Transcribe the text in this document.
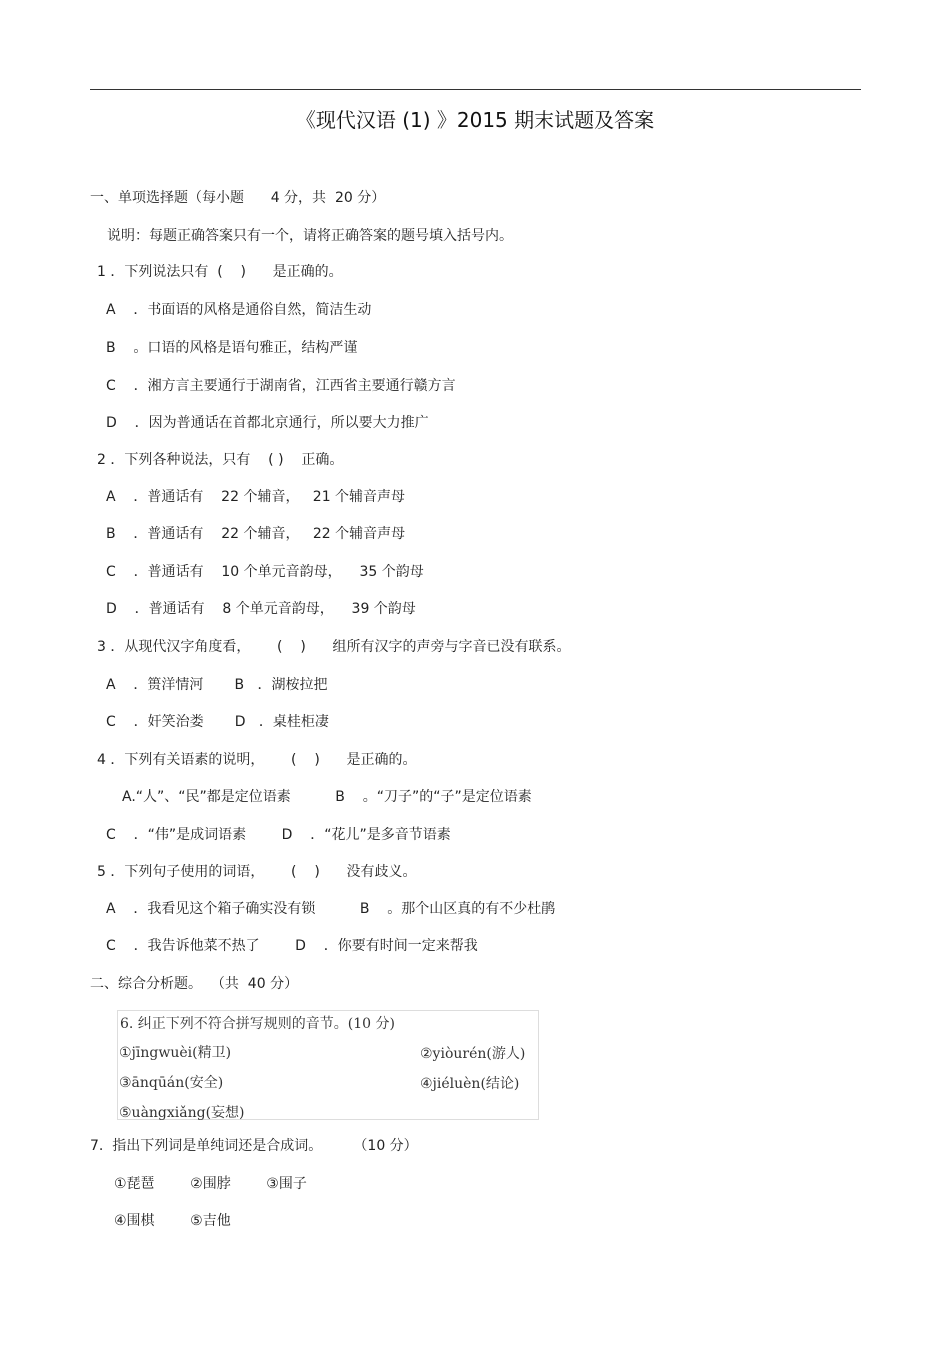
《现代汉语 (1) 》2015 期末试题及答案
一、单项选择题（每小题      4 分，共  20 分）
说明：每题正确答案只有一个，请将正确答案的题号填入括号内。
1 ．下列说法只有  (    )      是正确的。
A    ．书面语的风格是通俗自然，简洁生动
B    。口语的风格是语句雅正，结构严谨
C    ．湘方言主要通行于湖南省，江西省主要通行赣方言
D    ．因为普通话在首都北京通行，所以要大力推广
2 ．下列各种说法，只有    ( )    正确。
A    ．普通话有    22 个辅音，   21 个辅音声母
B    ．普通话有    22 个辅音，   22 个辅音声母
C    ．普通话有    10 个单元音韵母，    35 个韵母
D    ．普通话有    8 个单元音韵母，    39 个韵母
3 ．从现代汉字角度看，      (    )      组所有汉字的声旁与字音已没有联系。
A    ．篑洋情河       B   ．湖桉拉把
C    ．奸笑治娄       D   ．桌桂柜凄
4 ．下列有关语素的说明，      (    )      是正确的。
A.“人”、“民”都是定位语素          B    。“刀子”的“子”是定位语素
C    ．“伟”是成词语素        D    ．“花儿”是多音节语素
5 ．下列句子使用的词语，      (    )      没有歧义。
A    ．我看见这个箱子确实没有锁          B    。那个山区真的有不少杜鹃
C    ．我告诉他菜不热了        D    ．你要有时间一定来帮我
二、综合分析题。  （共  40 分）
6. 纠正下列不符合拼写规则的音节。(10 分)
①jīngwuèi(精卫)	②yiòurén(游人)
③ānqūán(安全)	④jiéluèn(结论)
⑤uàngxiǎng(妄想)
7.  指出下列词是单纯词还是合成词。       （10 分）
①琵琶        ②围脖        ③围子
④围棋        ⑤吉他
